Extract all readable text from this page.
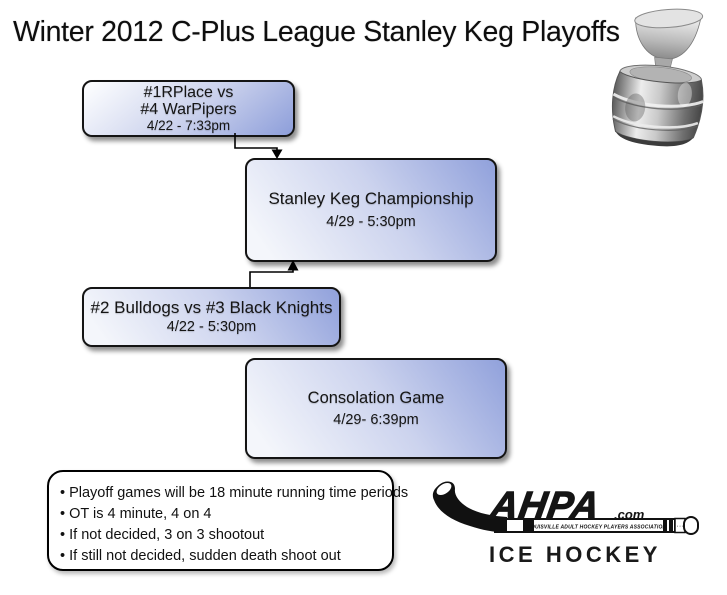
Winter 2012 C-Plus League Stanley Keg Playoffs
#1RPlace vs
#4 WarPipers
4/22 - 7:33pm
Stanley Keg Championship
4/29 - 5:30pm
#2 Bulldogs vs #3 Black Knights
4/22 - 5:30pm
Consolation Game
4/29- 6:39pm
• Playoff games will be 18 minute running time periods
• OT is 4 minute, 4 on 4
• If not decided, 3 on 3 shootout
• If still not decided, sudden death shoot out
···
LOUISVILLE ADULT HOCKEY PLAYERS ASSOCIATION
AHPA .com
ICE HOCKEY
